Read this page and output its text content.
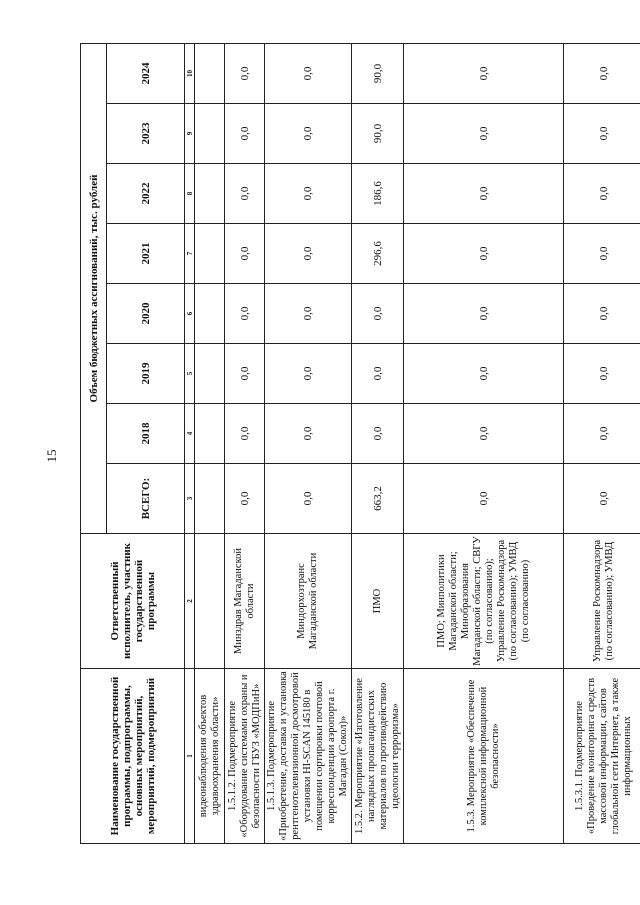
15
Наименование государственной программы, подпрограммы, основных мероприятий, мероприятий, подмероприятий	Ответственный исполнитель, участник государственной программы	Объем бюджетных ассигнований, тыс. рублей							
		ВСЕГО:	2018	2019	2020	2021	2022	2023	2024
1	2	3	4	5	6	7	8	9	10
видеонаблюдения объектов здравоохранения области»									
1.5.1.2. Подмероприятие «Оборудование системами охраны и безопасности ГБУЗ «МОДПиН»	Минздрав Магаданской области	0,0	0,0	0,0	0,0	0,0	0,0	0,0	0,0
1.5.1.3. Подмероприятие «Приобретение, доставка и установка рентгенотелевизионной досмотровой установки HI-SCAN 145180 в помещении сортировки почтовой корреспонденции аэропорта г. Магадан (Сокол)»	Миндорхозтранс Магаданской области	0,0	0,0	0,0	0,0	0,0	0,0	0,0	0,0
1.5.2. Мероприятие «Изготовление наглядных пропагандистских материалов по противодействию идеологии терроризма»	ПМО	663,2	0,0	0,0	0,0	296,6	186,6	90,0	90,0
1.5.3. Мероприятие «Обеспечение комплексной информационной безопасности»	ПМО; Минполитики Магаданской области; Минобразования Магаданской области; СВГУ (по согласованию); Управление Роскомнадзора (по согласованию); УМВД (по согласованию)	0,0	0,0	0,0	0,0	0,0	0,0	0,0	0,0
1.5.3.1. Подмероприятие «Проведение мониторинга средств массовой информации, сайтов глобальной сети Интернет, а также информационных	Управление Роскомнадзора (по согласованию); УМВД	0,0	0,0	0,0	0,0	0,0	0,0	0,0	0,0
